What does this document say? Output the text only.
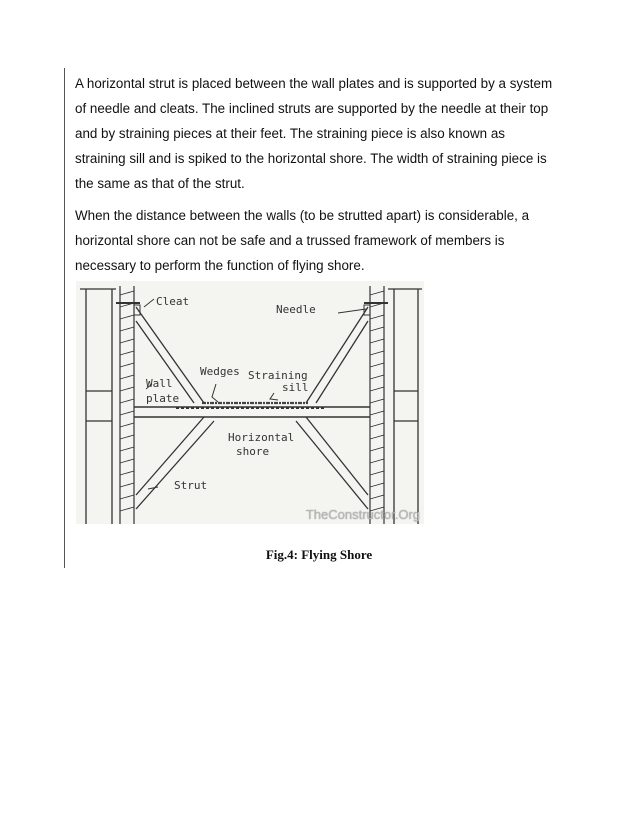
A horizontal strut is placed between the wall plates and is supported by a system of needle and cleats. The inclined struts are supported by the needle at their top and by straining pieces at their feet. The straining piece is also known as straining sill and is spiked to the horizontal shore. The width of straining piece is the same as that of the strut.

When the distance between the walls (to be strutted apart) is considerable, a horizontal shore can not be safe and a trussed framework of members is necessary to perform the function of flying shore.

Cleat
Needle
Wedges Straining
sill
Wall
plate
Horizontal
shore
Strut
TheConstructor.Org
Fig.4: Flying Shore
